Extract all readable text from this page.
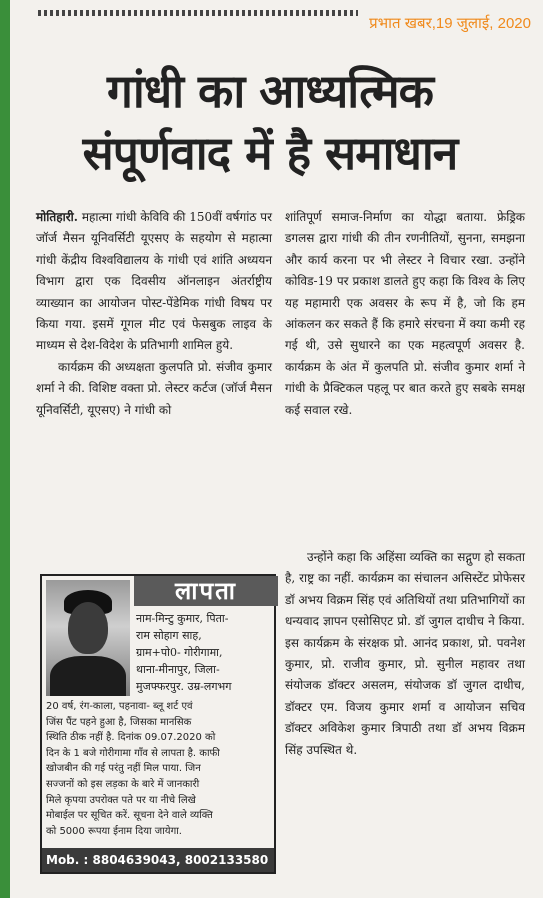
प्रभात खबर,19 जुलाई, 2020
गांधी का आध्यत्मिक
संपूर्णवाद में है समाधान

मोतिहारी. महात्मा गांधी केविवि की 150वीं वर्षगांठ पर जॉर्ज मैसन यूनिवर्सिटी यूएसए के सहयोग से महात्मा गांधी केंद्रीय विश्वविद्यालय के गांधी एवं शांति अध्ययन विभाग द्वारा एक दिवसीय ऑनलाइन अंतर्राष्ट्रीय व्याख्यान का आयोजन पोस्ट-पेंडेमिक गांधी विषय पर किया गया. इसमें गूगल मीट एवं फेसबुक लाइव के माध्यम से देश-विदेश के प्रतिभागी शामिल हुये.

कार्यक्रम की अध्यक्षता कुलपति प्रो. संजीव कुमार शर्मा ने की. विशिष्ट वक्ता प्रो. लेस्टर कर्टज (जॉर्ज मैसन यूनिवर्सिटी, यूएसए) ने गांधी को

शांतिपूर्ण समाज-निर्माण का योद्धा बताया. फ्रेड्रिक डगलस द्वारा गांधी की तीन रणनीतियों, सुनना, समझना और कार्य करना पर भी लेस्टर ने विचार रखा. उन्होंने कोविड-19 पर प्रकाश डालते हुए कहा कि विश्व के लिए यह महामारी एक अवसर के रूप में है, जो कि हम आंकलन कर सकते हैं कि हमारे संरचना में क्या कमी रह गई थी, उसे सुधारने का एक महत्वपूर्ण अवसर है. कार्यक्रम के अंत में कुलपति प्रो. संजीव कुमार शर्मा ने गांधी के प्रैक्टिकल पहलू पर बात करते हुए सबके समक्ष कई सवाल रखे.

उन्होंने कहा कि अहिंसा व्यक्ति का सद्गुण हो सकता है, राष्ट्र का नहीं. कार्यक्रम का संचालन असिस्टेंट प्रोफेसर डॉ अभय विक्रम सिंह एवं अतिथियों तथा प्रतिभागियों का धन्यवाद ज्ञापन एसोसिएट प्रो. डॉ जुगल दाधीच ने किया. इस कार्यक्रम के संरक्षक प्रो. आनंद प्रकाश, प्रो. पवनेश कुमार, प्रो. राजीव कुमार, प्रो. सुनील महावर तथा संयोजक डॉक्टर असलम, संयोजक डॉ जुगल दाधीच, डॉक्टर एम. विजय कुमार शर्मा व आयोजन सचिव डॉक्टर अविकेश कुमार त्रिपाठी तथा डॉ अभय विक्रम सिंह उपस्थित थे.

लापता
नाम-मिन्टु कुमार, पिता-
राम सोहाग साह,
ग्राम+पो0- गोरीगामा,
थाना-मीनापुर, जिला-
मुजफ्फरपुर. उम्र-लगभग
20 वर्ष, रंग-काला, पहनावा- ब्लू शर्ट एवं
जिंस पैंट पहने हुआ है, जिसका मानसिक
स्थिति ठीक नहीं है. दिनांक 09.07.2020 को
दिन के 1 बजे गोरीगामा गाँव से लापता है. काफी
खोजबीन की गई परंतु नहीं मिल पाया. जिन
सज्जनों को इस लड़का के बारे में जानकारी
मिले कृपया उपरोक्त पते पर या नीचे लिखे
मोबाईल पर सूचित करें. सूचना देने वाले व्यक्ति
को 5000 रूपया ईनाम दिया जायेगा.
Mob. : 8804639043, 8002133580
